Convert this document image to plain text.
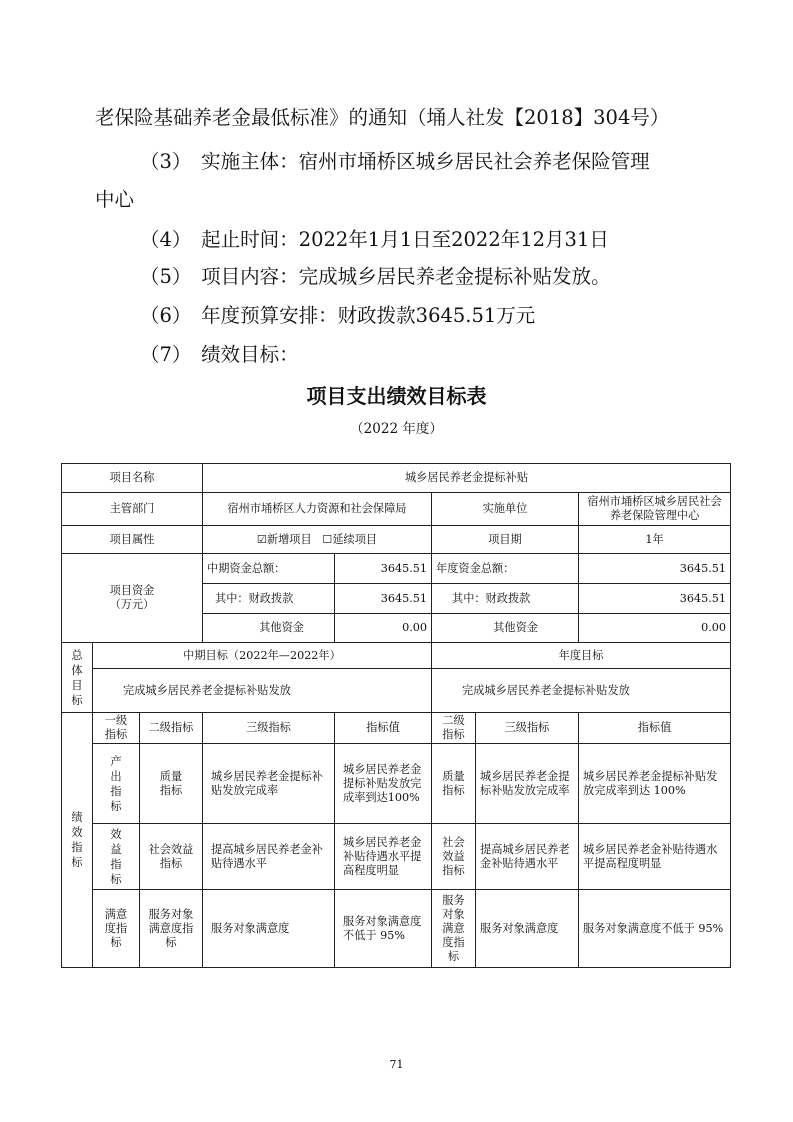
老保险基础养老金最低标准》的通知（埇人社发【2018】304号）
（3）　实施主体：宿州市埇桥区城乡居民社会养老保险管理
中心
（4）　起止时间：2022年1月1日至2022年12月31日
（5）　项目内容：完成城乡居民养老金提标补贴发放。
（6）　年度预算安排：财政拨款3645.51万元
（7）　绩效目标：
项目支出绩效目标表
（2022 年度）
项目名称			城乡居民养老金提标补贴				
主管部门			宿州市埇桥区人力资源和社会保障局		实施单位		宿州市埇桥区城乡居民社会养老保险管理中心
项目属性			☑新增项目 ☐延续项目		项目期		1年
项目资金
（万元）			中期资金总额：	3645.51	年度资金总额：		3645.51
			其中：财政拨款	3645.51	其中：财政拨款		3645.51
			其他资金	0.00	其他资金		0.00

总体目标	中期目标（2022年—2022年）				年度目标		
	完成城乡居民养老金提标补贴发放				完成城乡居民养老金提标补贴发放		

绩效指标	一级指标	二级指标	三级指标	指标值	二级指标	三级指标	指标值

	产出指标	质量指标	城乡居民养老金提标补贴发放完成率	城乡居民养老金提标补贴发放完成率到达100%	质量指标	城乡居民养老金提标补贴发放完成率	城乡居民养老金提标补贴发放完成率到达 100%

	效益指标	社会效益指标	提高城乡居民养老金补贴待遇水平	城乡居民养老金补贴待遇水平提高程度明显	社会效益指标	提高城乡居民养老金补贴待遇水平	城乡居民养老金补贴待遇水平提高程度明显

	满意度指标	服务对象满意度指标	服务对象满意度	服务对象满意度不低于 95%	服务对象满意度指标	服务对象满意度	服务对象满意度不低于 95%
71
